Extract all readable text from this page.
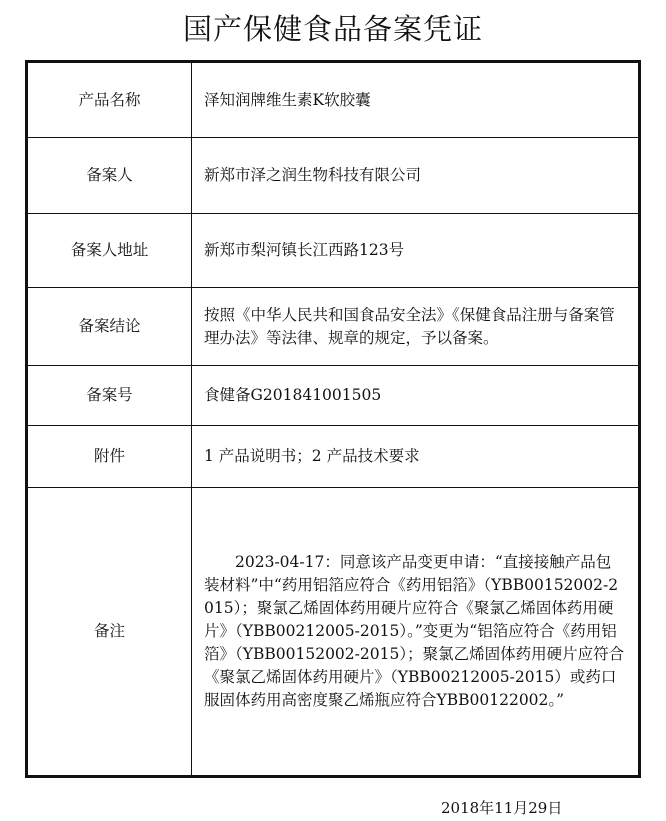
国产保健食品备案凭证
产品名称	泽知润牌维生素K软胶囊
备案人	新郑市泽之润生物科技有限公司
备案人地址	新郑市梨河镇长江西路123号
备案结论	按照《中华人民共和国食品安全法》《保健食品注册与备案管理办法》等法律、规章的规定，予以备案。
备案号	食健备G201841001505
附件	1 产品说明书；2 产品技术要求
备注	2023-04-17：同意该产品变更申请：“直接接触产品包装材料”中“药用铝箔应符合《药用铝箔》（YBB00152002-2015）；聚氯乙烯固体药用硬片应符合《聚氯乙烯固体药用硬片》（YBB00212005-2015）。”变更为“铝箔应符合《药用铝箔》（YBB00152002-2015）；聚氯乙烯固体药用硬片应符合《聚氯乙烯固体药用硬片》（YBB00212005-2015）或药口服固体药用高密度聚乙烯瓶应符合YBB00122002。”
2018年11月29日
